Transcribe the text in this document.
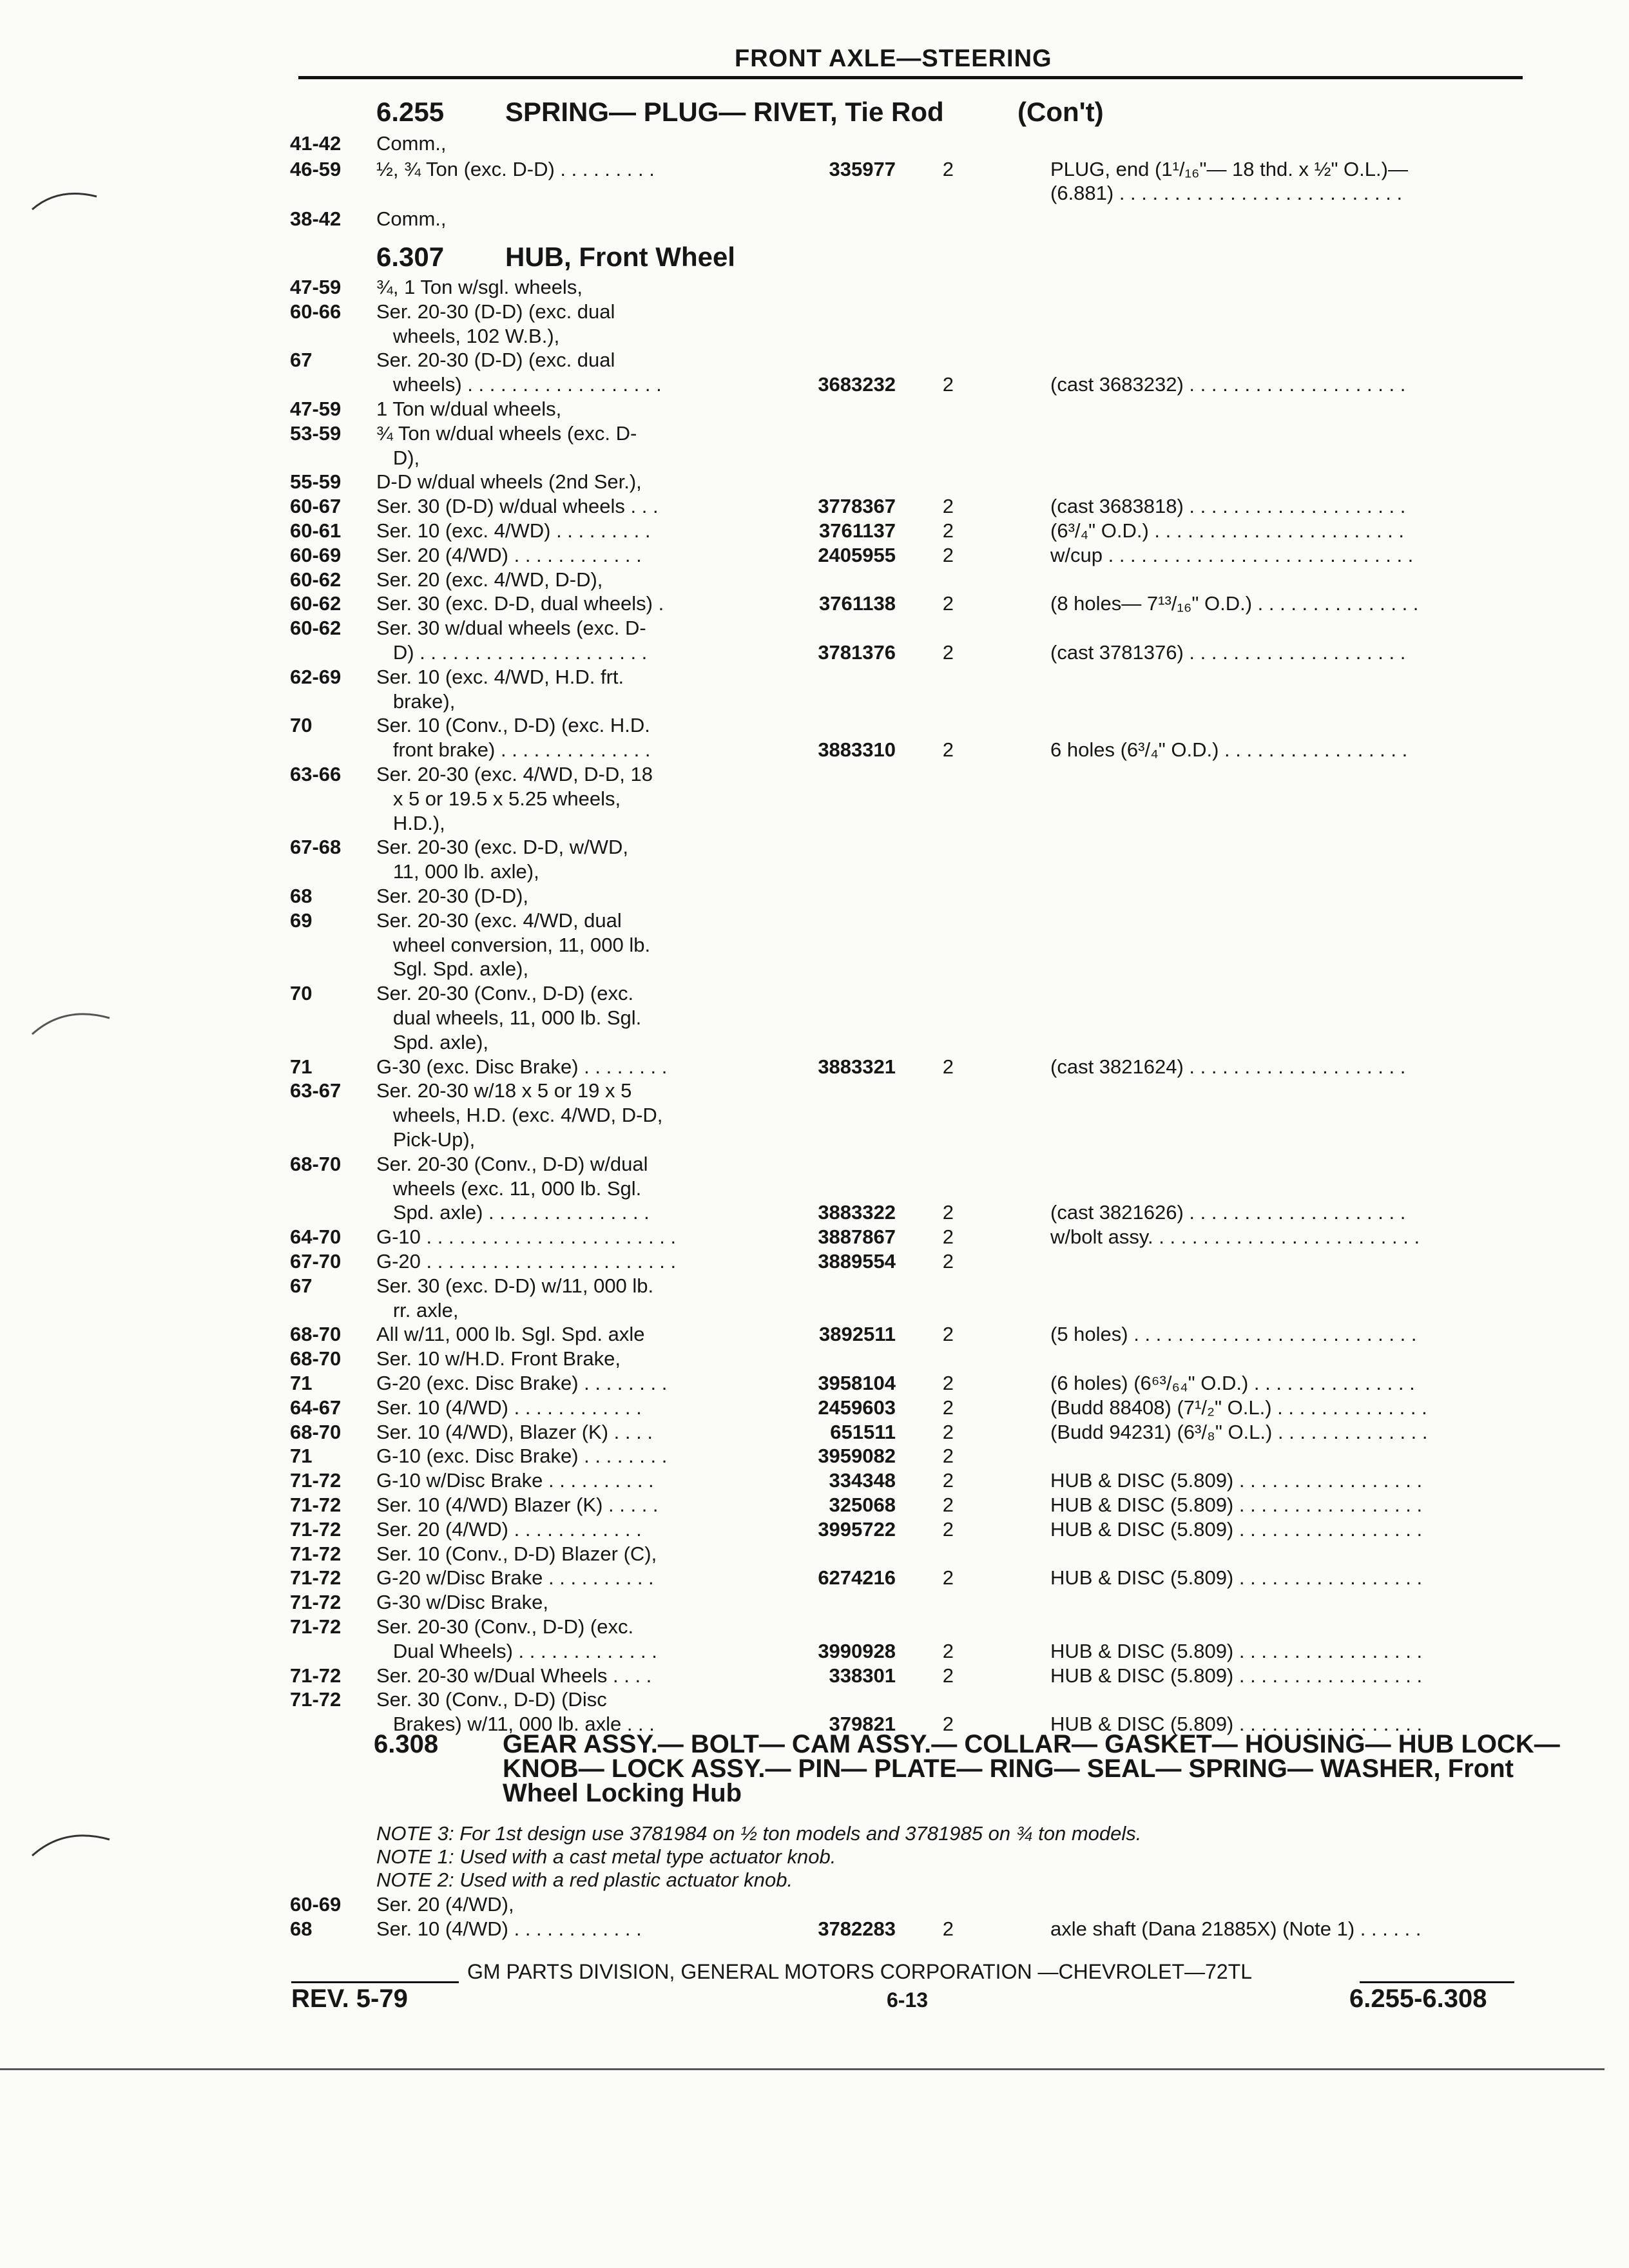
FRONT AXLE—STEERING
6.255	SPRING— PLUG— RIVET, Tie Rod	(Con't)
6.307	HUB, Front Wheel
6.308 GEAR ASSY.— BOLT— CAM ASSY.— COLLAR— GASKET— HOUSING— HUB LOCK— KNOB— LOCK ASSY.— PIN— PLATE— RING— SEAL— SPRING— WASHER, Front Wheel Locking Hub
41-42	Comm.,
46-59	½, ¾ Ton (exc. D-D) . . . . . . . . .	335977	2	PLUG, end (1¹/₁₆"— 18 thd. x ½" O.L.)—
(6.881) . . . . . . . . . . . . . . . . . . . . . . . . . .
38-42	Comm.,
47-59	¾, 1 Ton w/sgl. wheels,
60-66	Ser. 20-30 (D-D) (exc. dual
wheels, 102 W.B.),
67	Ser. 20-30 (D-D) (exc. dual
wheels) . . . . . . . . . . . . . . . . . .	3683232	2	(cast 3683232) . . . . . . . . . . . . . . . . . . . .
47-59	1 Ton w/dual wheels,
53-59	¾ Ton w/dual wheels (exc. D-
D),
55-59	D-D w/dual wheels (2nd Ser.),
60-67	Ser. 30 (D-D) w/dual wheels . . .	3778367	2	(cast 3683818) . . . . . . . . . . . . . . . . . . . .
60-61	Ser. 10 (exc. 4/WD) . . . . . . . . .	3761137	2	(6³/₄" O.D.) . . . . . . . . . . . . . . . . . . . . . . .
60-69	Ser. 20 (4/WD) . . . . . . . . . . . .	2405955	2	w/cup . . . . . . . . . . . . . . . . . . . . . . . . . . . .
60-62	Ser. 20 (exc. 4/WD, D-D),
60-62	Ser. 30 (exc. D-D, dual wheels) .	3761138	2	(8 holes— 7¹³/₁₆" O.D.) . . . . . . . . . . . . . . .
60-62	Ser. 30 w/dual wheels (exc. D-
D) . . . . . . . . . . . . . . . . . . . . .	3781376	2	(cast 3781376) . . . . . . . . . . . . . . . . . . . .
62-69	Ser. 10 (exc. 4/WD, H.D. frt.
brake),
70	Ser. 10 (Conv., D-D) (exc. H.D.
front brake) . . . . . . . . . . . . . .	3883310	2	6 holes (6³/₄" O.D.) . . . . . . . . . . . . . . . . .
63-66	Ser. 20-30 (exc. 4/WD, D-D, 18
x 5 or 19.5 x 5.25 wheels,
H.D.),
67-68	Ser. 20-30 (exc. D-D, w/WD,
11, 000 lb. axle),
68	Ser. 20-30 (D-D),
69	Ser. 20-30 (exc. 4/WD, dual
wheel conversion, 11, 000 lb.
Sgl. Spd. axle),
70	Ser. 20-30 (Conv., D-D) (exc.
dual wheels, 11, 000 lb. Sgl.
Spd. axle),
71	G-30 (exc. Disc Brake) . . . . . . . .	3883321	2	(cast 3821624) . . . . . . . . . . . . . . . . . . . .
63-67	Ser. 20-30 w/18 x 5 or 19 x 5
wheels, H.D. (exc. 4/WD, D-D,
Pick-Up),
68-70	Ser. 20-30 (Conv., D-D) w/dual
wheels (exc. 11, 000 lb. Sgl.
Spd. axle) . . . . . . . . . . . . . . .	3883322	2	(cast 3821626) . . . . . . . . . . . . . . . . . . . .
64-70	G-10 . . . . . . . . . . . . . . . . . . . . . . .	3887867	2	w/bolt assy. . . . . . . . . . . . . . . . . . . . . . . . .
67-70	G-20 . . . . . . . . . . . . . . . . . . . . . . .	3889554	2
67	Ser. 30 (exc. D-D) w/11, 000 lb.
rr. axle,
68-70	All w/11, 000 lb. Sgl. Spd. axle	3892511	2	(5 holes) . . . . . . . . . . . . . . . . . . . . . . . . . .
68-70	Ser. 10 w/H.D. Front Brake,
71	G-20 (exc. Disc Brake) . . . . . . . .	3958104	2	(6 holes) (6⁶³/₆₄" O.D.) . . . . . . . . . . . . . . .
64-67	Ser. 10 (4/WD) . . . . . . . . . . . .	2459603	2	(Budd 88408) (7¹/₂" O.L.) . . . . . . . . . . . . . .
68-70	Ser. 10 (4/WD), Blazer (K) . . . .	651511	2	(Budd 94231) (6³/₈" O.L.) . . . . . . . . . . . . . .
71	G-10 (exc. Disc Brake) . . . . . . . .	3959082	2
71-72	G-10 w/Disc Brake . . . . . . . . . .	334348	2	HUB & DISC (5.809) . . . . . . . . . . . . . . . . .
71-72	Ser. 10 (4/WD) Blazer (K) . . . . .	325068	2	HUB & DISC (5.809) . . . . . . . . . . . . . . . . .
71-72	Ser. 20 (4/WD) . . . . . . . . . . . .	3995722	2	HUB & DISC (5.809) . . . . . . . . . . . . . . . . .
71-72	Ser. 10 (Conv., D-D) Blazer (C),
71-72	G-20 w/Disc Brake . . . . . . . . . .	6274216	2	HUB & DISC (5.809) . . . . . . . . . . . . . . . . .
71-72	G-30 w/Disc Brake,
71-72	Ser. 20-30 (Conv., D-D) (exc.
Dual Wheels) . . . . . . . . . . . . .	3990928	2	HUB & DISC (5.809) . . . . . . . . . . . . . . . . .
71-72	Ser. 20-30 w/Dual Wheels . . . .	338301	2	HUB & DISC (5.809) . . . . . . . . . . . . . . . . .
71-72	Ser. 30 (Conv., D-D) (Disc
Brakes) w/11, 000 lb. axle . . .	379821	2	HUB & DISC (5.809) . . . . . . . . . . . . . . . . .
60-69	Ser. 20 (4/WD),
68	Ser. 10 (4/WD) . . . . . . . . . . . .	3782283	2	axle shaft (Dana 21885X) (Note 1) . . . . . .
NOTE 3: For 1st design use 3781984 on ½ ton models and 3781985 on ¾ ton models.
NOTE 1: Used with a cast metal type actuator knob.
NOTE 2: Used with a red plastic actuator knob.
GM PARTS DIVISION, GENERAL MOTORS CORPORATION —CHEVROLET—72TL
REV. 5-79	6-13	6.255-6.308
